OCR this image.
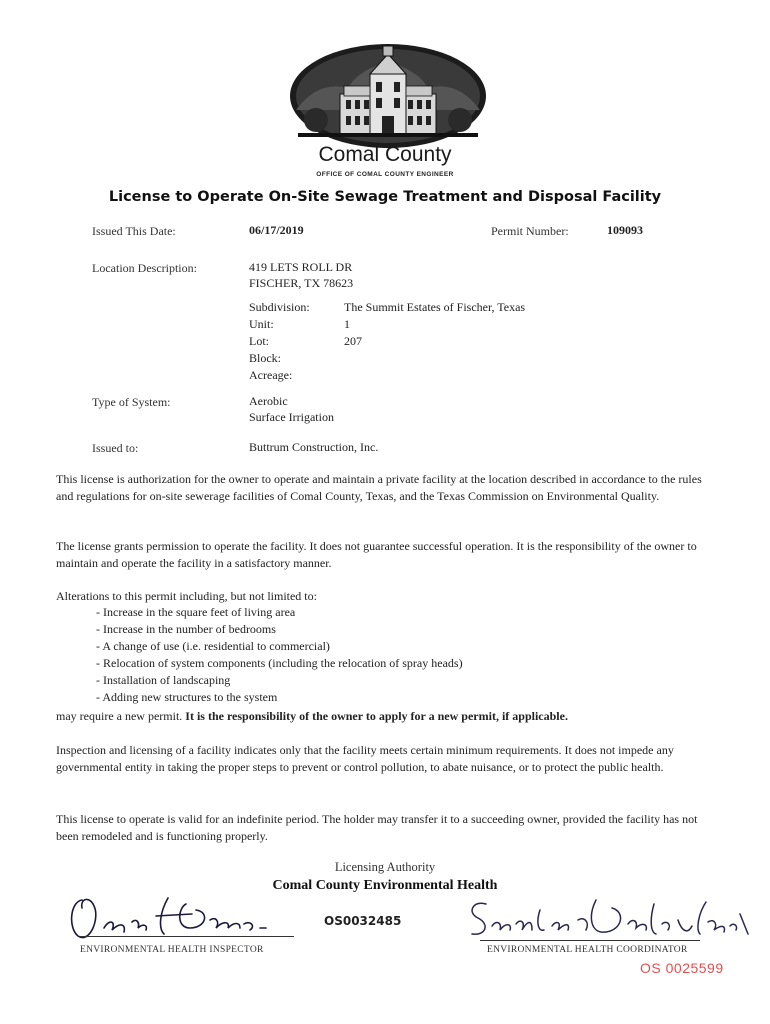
Comal County
OFFICE OF COMAL COUNTY ENGINEER
License to Operate On-Site Sewage Treatment and Disposal Facility
Issued This Date:	06/17/2019	Permit Number:	109093
Location Description:	419 LETS ROLL DR
FISCHER, TX 78623
Subdivision:	The Summit Estates of Fischer, Texas
Unit:	1
Lot:	207
Block:
Acreage:
Type of System:	Aerobic
Surface Irrigation
Issued to:	Buttrum Construction, Inc.
This license is authorization for the owner to operate and maintain a private facility at the location described in accordance to the rules and regulations for on-site sewerage facilities of Comal County, Texas, and the Texas Commission on Environmental Quality.
The license grants permission to operate the facility. It does not guarantee successful operation. It is the responsibility of the owner to maintain and operate the facility in a satisfactory manner.
Alterations to this permit including, but not limited to:
- Increase in the square feet of living area
- Increase in the number of bedrooms
- A change of use (i.e. residential to commercial)
- Relocation of system components (including the relocation of spray heads)
- Installation of landscaping
- Adding new structures to the system
may require a new permit. It is the responsibility of the owner to apply for a new permit, if applicable.
Inspection and licensing of a facility indicates only that the facility meets certain minimum requirements. It does not impede any governmental entity in taking the proper steps to prevent or control pollution, to abate nuisance, or to protect the public health.
This license to operate is valid for an indefinite period. The holder may transfer it to a succeeding owner, provided the facility has not been remodeled and is functioning properly.
Licensing Authority
Comal County Environmental Health
ENVIRONMENTAL HEALTH INSPECTOR
OS0032485
ENVIRONMENTAL HEALTH COORDINATOR
OS 0025599
